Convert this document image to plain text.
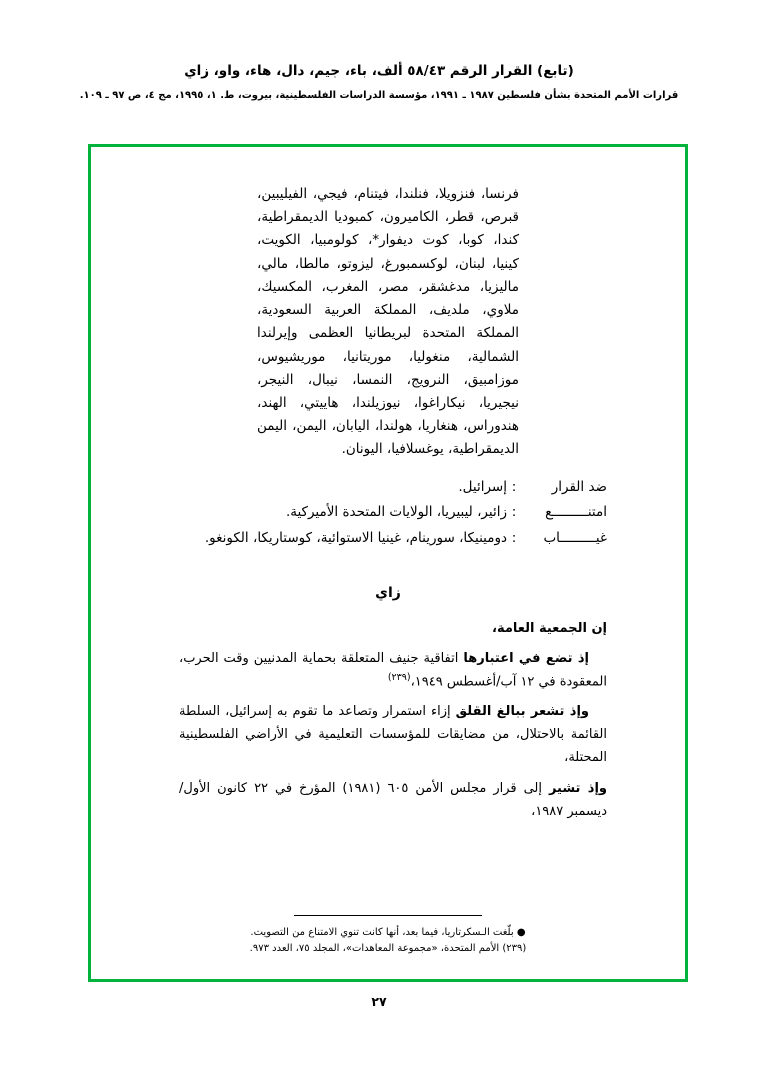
(تابع) القرار الرقم ٥٨/٤٣ ألف، باء، جيم، دال، هاء، واو، زاي
قرارات الأمم المتحدة بشأن فلسطين ١٩٨٧ ـ ١٩٩١، مؤسسة الدراسات الفلسطينية، بيروت، ط. ١، ١٩٩٥، مج ٤، ص ٩٧ ـ ١٠٩.
فرنسا، فنزويلا، فنلندا، فيتنام، فيجي، الفيليبين، قبرص، قطر، الكاميرون، كمبوديا الديمقراطية، كندا، كوبا، كوت ديفوار*، كولومبيا، الكويت، كينيا، لبنان، لوكسمبورغ، ليزوتو، مالطا، مالي، ماليزيا، مدغشقر، مصر، المغرب، المكسيك، ملاوي، ملديف، المملكة العربية السعودية، المملكة المتحدة لبريطانيا العظمى وإيرلندا الشمالية، منغوليا، موريتانيا، موريشيوس، موزامبيق، النرويج، النمسا، نيبال، النيجر، نيجيريا، نيكاراغوا، نيوزيلندا، هاييتي، الهند، هندوراس، هنغاريا، هولندا، اليابان، اليمن، اليمن الديمقراطية، يوغسلافيا، اليونان.
ضد القرار
:
إسرائيل.
امتنـــــــــع
:
زائير، ليبيريا، الولايات المتحدة الأميركية.
غيـــــــــاب
:
دومينيكا، سورينام، غينيا الاستوائية، كوستاريكا، الكونغو.
زاي
إن الجمعية العامة،
إذ تضع في اعتبارها اتفاقية جنيف المتعلقة بحماية المدنيين وقت الحرب، المعقودة في ١٢ آب/أغسطس ١٩٤٩،$^{(٢٣٩)}$
وإذ تشعر ببالغ القلق إزاء استمرار وتصاعد ما تقوم به إسرائيل، السلطة القائمة بالاحتلال، من مضايقات للمؤسسات التعليمية في الأراضي الفلسطينية المحتلة،
وإذ تشير إلى قرار مجلس الأمن ٦٠٥ (١٩٨١) المؤرخ في ٢٢ كانون الأول/ديسمبر ١٩٨٧،
● بلّغت الـسكرتاريا، فيما بعد، أنها كانت تنوي الامتناع من التصويت.
(٢٣٩) الأمم المتحدة، «مجموعة المعاهدات»، المجلد ٧٥، العدد ٩٧٣.
٢٧
